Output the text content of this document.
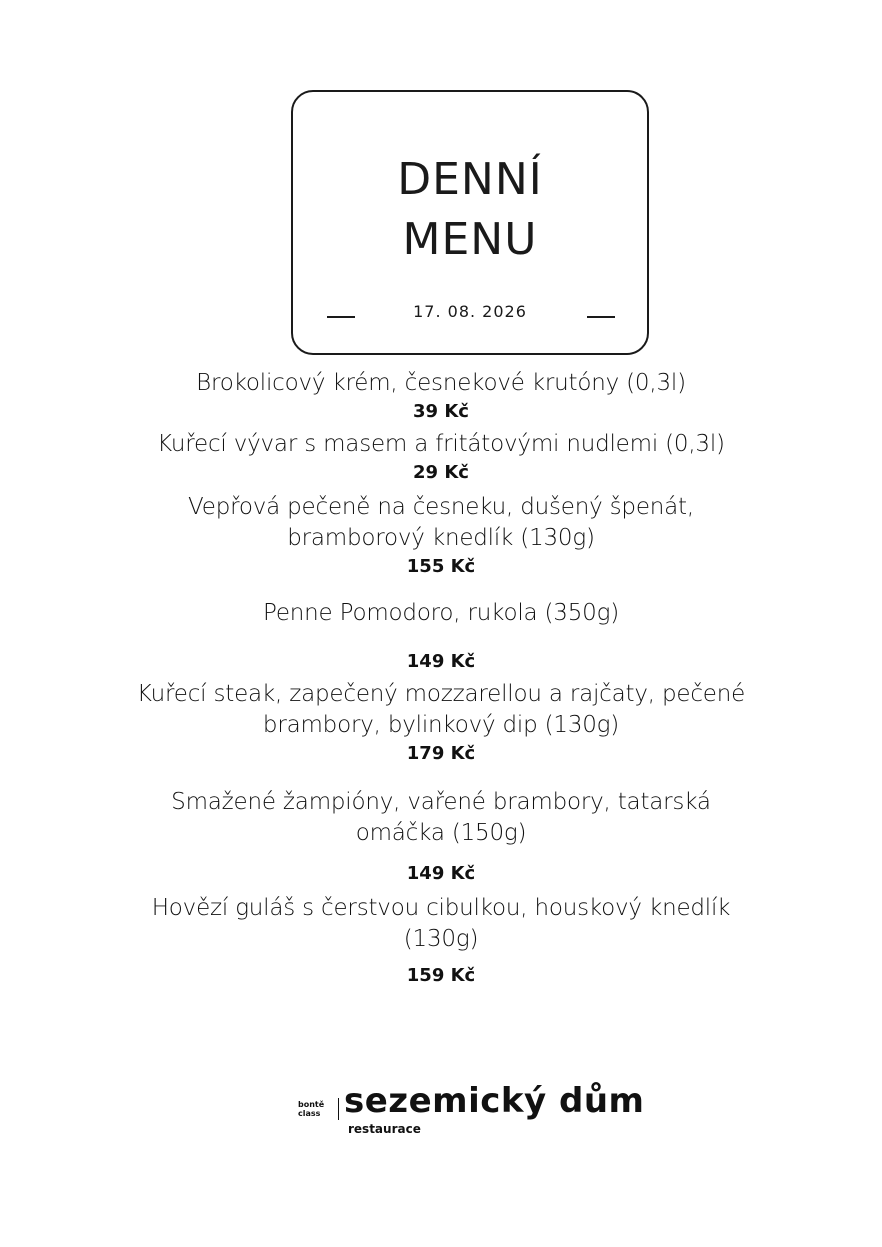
DENNÍ
MENU
17. 08. 2026
Brokolicový krém, česnekové krutóny (0,3l)
39 Kč
Kuřecí vývar s masem a fritátovými nudlemi (0,3l)
29 Kč
Vepřová pečeně na česneku, dušený špenát, bramborový knedlík (130g)
155 Kč
Penne Pomodoro, rukola (350g)
149 Kč
Kuřecí steak, zapečený mozzarellou a rajčaty, pečené brambory, bylinkový dip (130g)
179 Kč
Smažené žampióny, vařené brambory, tatarská omáčka (150g)
149 Kč
Hovězí guláš s čerstvou cibulkou, houskový knedlík (130g)
159 Kč
bontě
class sezemický dům
restaurace
